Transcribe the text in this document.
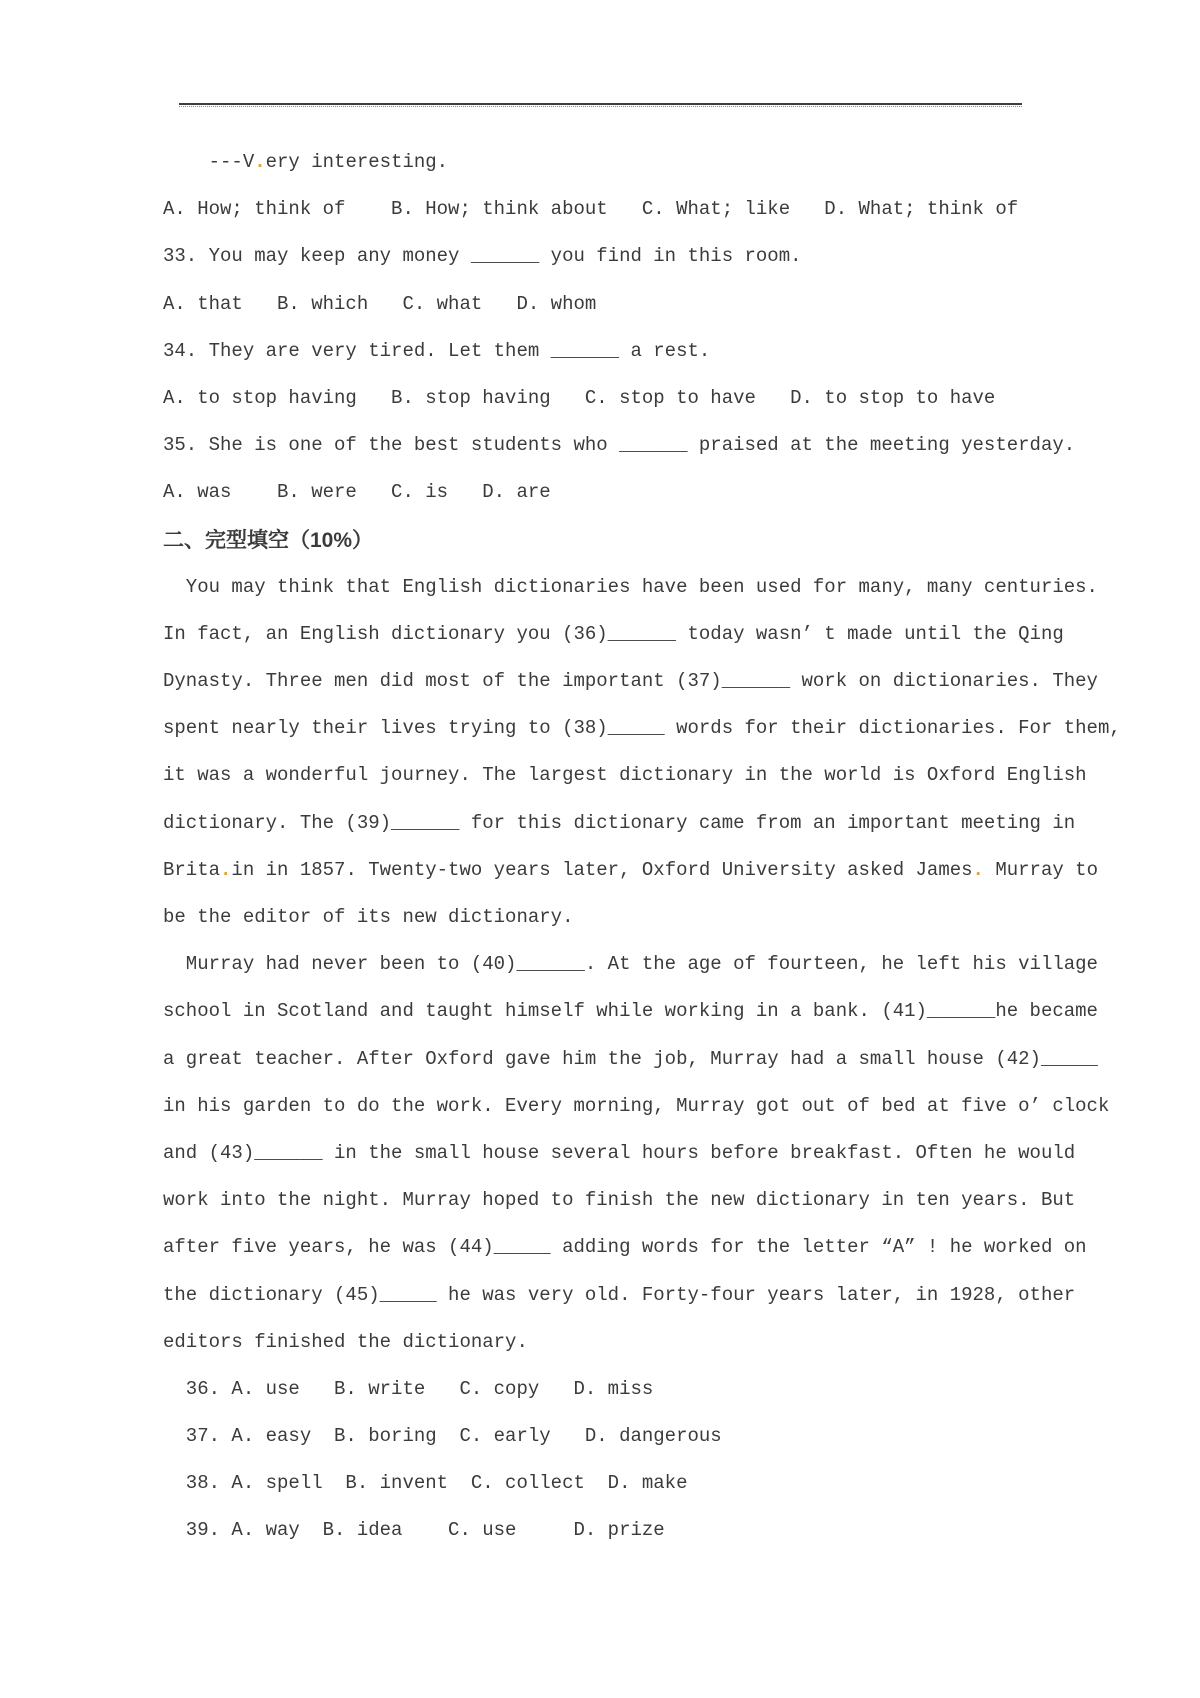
---V.ery interesting.
A. How; think of    B. How; think about   C. What; like   D. What; think of
33. You may keep any money ______ you find in this room.
A. that   B. which   C. what   D. whom
34. They are very tired. Let them ______ a rest.
A. to stop having   B. stop having   C. stop to have   D. to stop to have
35. She is one of the best students who ______ praised at the meeting yesterday.
A. was    B. were   C. is   D. are
二、完型填空（10%）
You may think that English dictionaries have been used for many, many centuries.
In fact, an English dictionary you (36)______ today wasn’ t made until the Qing
Dynasty. Three men did most of the important (37)______ work on dictionaries. They
spent nearly their lives trying to (38)_____ words for their dictionaries. For them,
it was a wonderful journey. The largest dictionary in the world is Oxford English
dictionary. The (39)______ for this dictionary came from an important meeting in
Brita.in in 1857. Twenty-two years later, Oxford University asked James. Murray to
be the editor of its new dictionary.
Murray had never been to (40)______. At the age of fourteen, he left his village
school in Scotland and taught himself while working in a bank. (41)______he became
a great teacher. After Oxford gave him the job, Murray had a small house (42)_____
in his garden to do the work. Every morning, Murray got out of bed at five o’ clock
and (43)______ in the small house several hours before breakfast. Often he would
work into the night. Murray hoped to finish the new dictionary in ten years. But
after five years, he was (44)_____ adding words for the letter “A” ! he worked on
the dictionary (45)_____ he was very old. Forty-four years later, in 1928, other
editors finished the dictionary.
36. A. use   B. write   C. copy   D. miss
37. A. easy  B. boring  C. early   D. dangerous
38. A. spell  B. invent  C. collect  D. make
39. A. way  B. idea    C. use     D. prize
